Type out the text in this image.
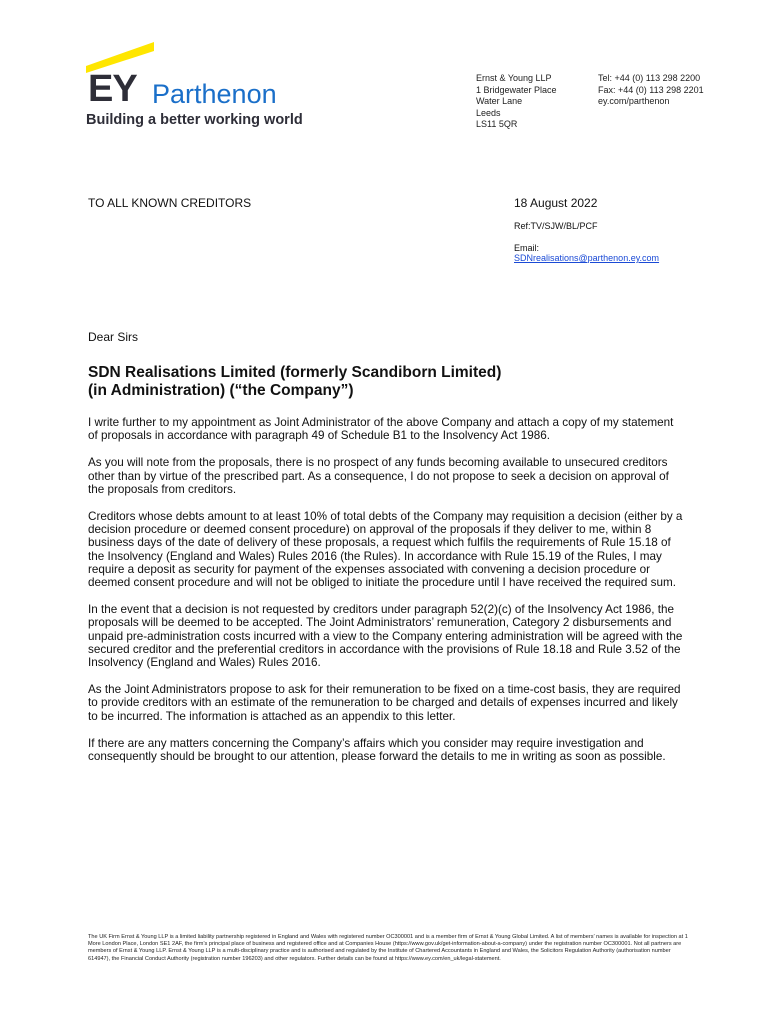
EY Parthenon
Building a better working world
Ernst & Young LLP
1 Bridgewater Place
Water Lane
Leeds
LS11 5QR
Tel: +44 (0) 113 298 2200
Fax: +44 (0) 113 298 2201
ey.com/parthenon
TO ALL KNOWN CREDITORS	18 August 2022
Ref:TV/SJW/BL/PCF
Email:
SDNrealisations@parthenon.ey.com
Dear Sirs
SDN Realisations Limited (formerly Scandiborn Limited)
(in Administration) (“the Company”)

I write further to my appointment as Joint Administrator of the above Company and attach a copy of my statement of proposals in accordance with paragraph 49 of Schedule B1 to the Insolvency Act 1986.

As you will note from the proposals, there is no prospect of any funds becoming available to unsecured creditors other than by virtue of the prescribed part. As a consequence, I do not propose to seek a decision on approval of the proposals from creditors.

Creditors whose debts amount to at least 10% of total debts of the Company may requisition a decision (either by a decision procedure or deemed consent procedure) on approval of the proposals if they deliver to me, within 8 business days of the date of delivery of these proposals, a request which fulfils the requirements of Rule 15.18 of the Insolvency (England and Wales) Rules 2016 (the Rules). In accordance with Rule 15.19 of the Rules, I may require a deposit as security for payment of the expenses associated with convening a decision procedure or deemed consent procedure and will not be obliged to initiate the procedure until I have received the required sum.

In the event that a decision is not requested by creditors under paragraph 52(2)(c) of the Insolvency Act 1986, the proposals will be deemed to be accepted. The Joint Administrators’ remuneration, Category 2 disbursements and unpaid pre-administration costs incurred with a view to the Company entering administration will be agreed with the secured creditor and the preferential creditors in accordance with the provisions of Rule 18.18 and Rule 3.52 of the Insolvency (England and Wales) Rules 2016.

As the Joint Administrators propose to ask for their remuneration to be fixed on a time-cost basis, they are required to provide creditors with an estimate of the remuneration to be charged and details of expenses incurred and likely to be incurred. The information is attached as an appendix to this letter.

If there are any matters concerning the Company’s affairs which you consider may require investigation and consequently should be brought to our attention, please forward the details to me in writing as soon as possible.

The UK Firm Ernst & Young LLP is a limited liability partnership registered in England and Wales with registered number OC300001 and is a member firm of Ernst & Young Global Limited. A list of members’ names is available for inspection at 1 More London Place, London SE1 2AF, the firm’s principal place of business and registered office and at Companies House (https://www.gov.uk/get-information-about-a-company) under the registration number OC300001. Not all partners are members of Ernst & Young LLP. Ernst & Young LLP is a multi-disciplinary practice and is authorised and regulated by the Institute of Chartered Accountants in England and Wales, the Solicitors Regulation Authority (authorisation number 614947), the Financial Conduct Authority (registration number 196203) and other regulators. Further details can be found at https://www.ey.com/en_uk/legal-statement.
